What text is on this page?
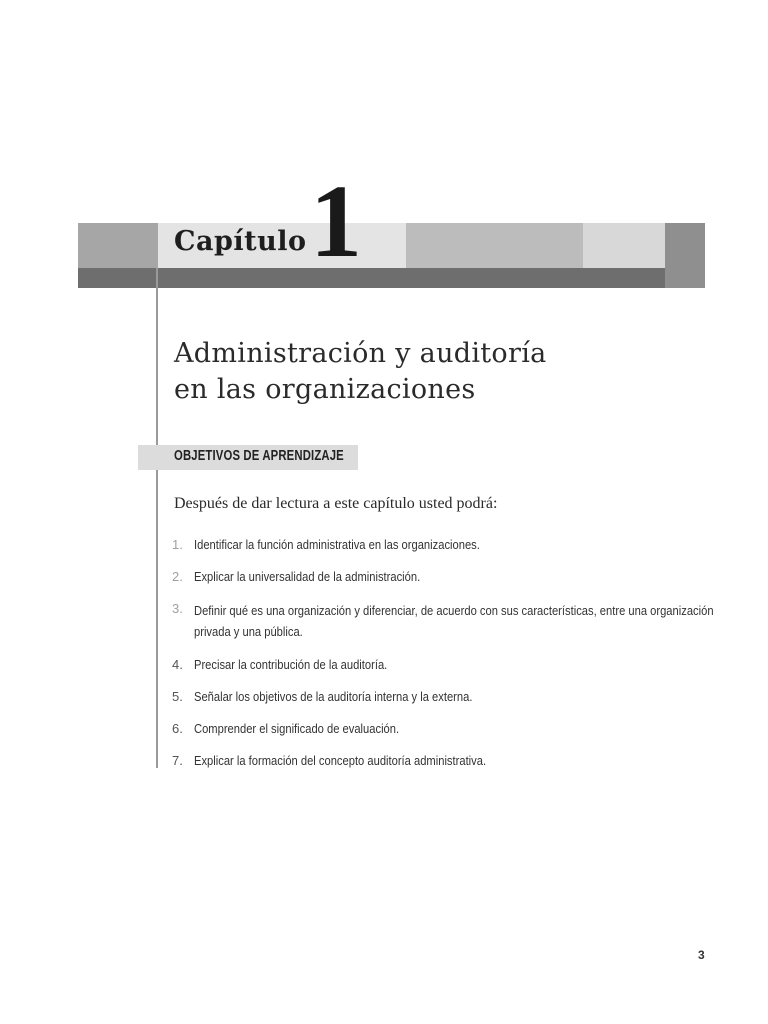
Capítulo 1
Administración y auditoría
en las organizaciones
OBJETIVOS DE APRENDIZAJE
Después de dar lectura a este capítulo usted podrá:
1. Identificar la función administrativa en las organizaciones.
2. Explicar la universalidad de la administración.
3. Definir qué es una organización y diferenciar, de acuerdo con sus características, entre una organización privada y una pública.
4. Precisar la contribución de la auditoría.
5. Señalar los objetivos de la auditoría interna y la externa.
6. Comprender el significado de evaluación.
7. Explicar la formación del concepto auditoría administrativa.
3
